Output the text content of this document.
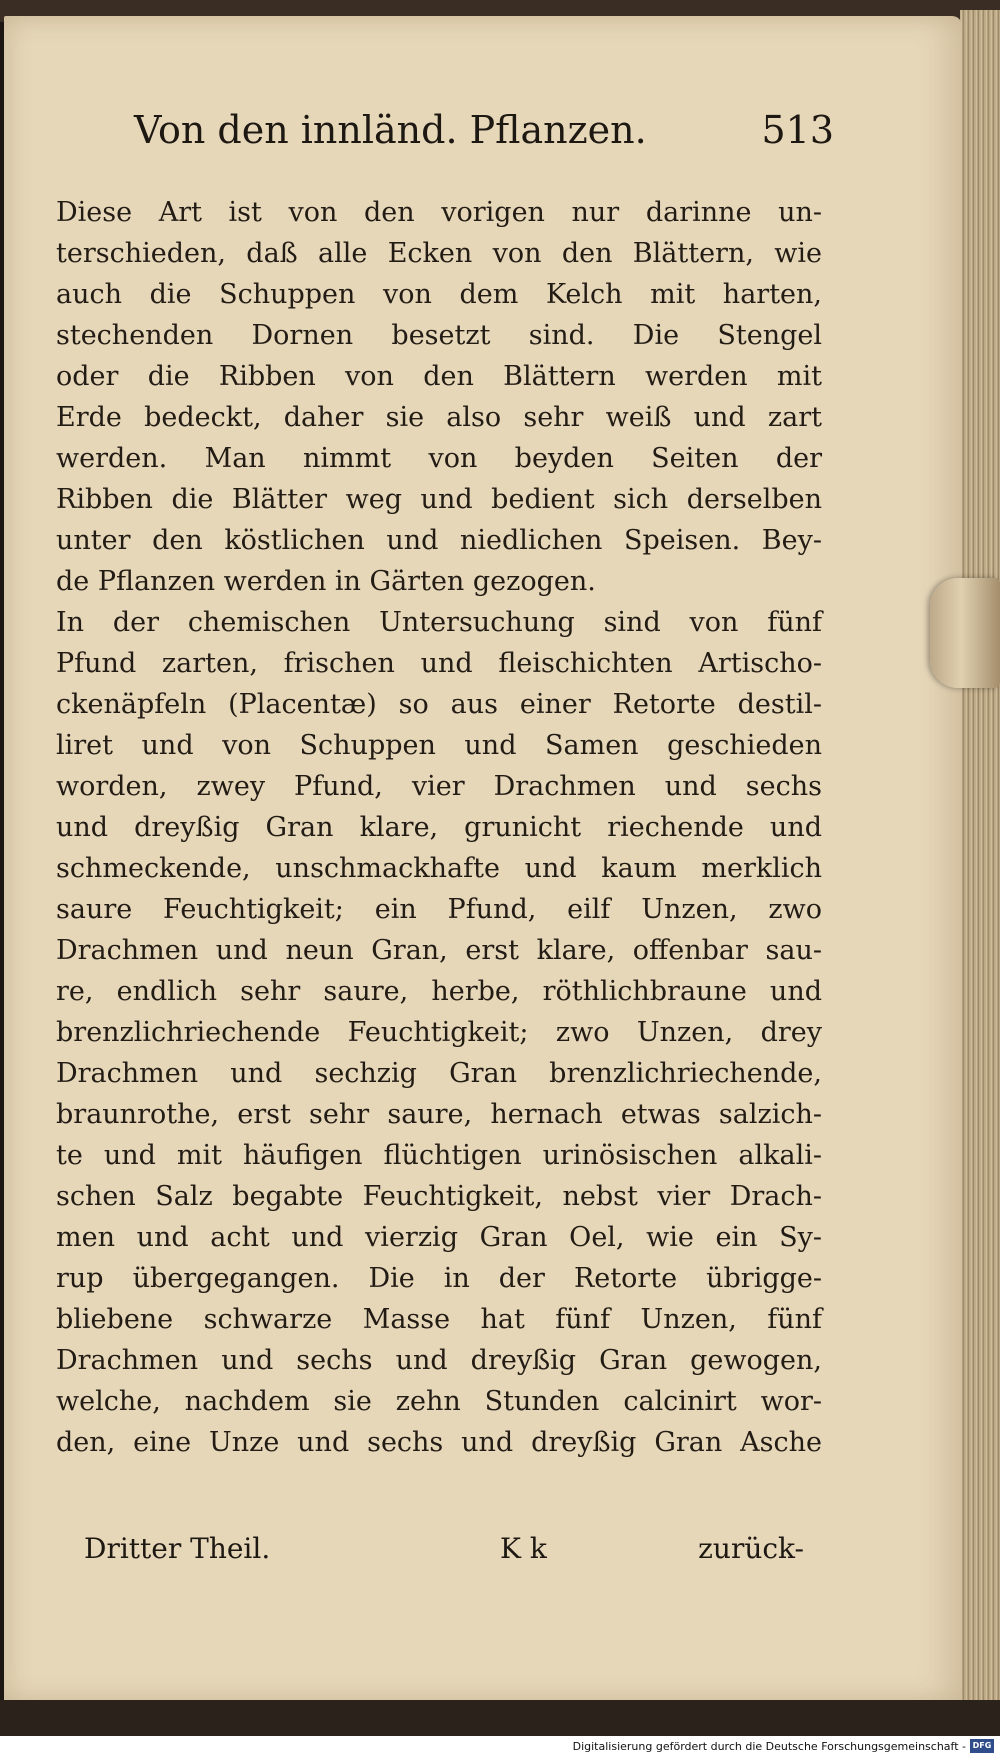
Von den innländ. Pflanzen.	513
Diese Art ist von den vorigen nur darinne un-
terschieden, daß alle Ecken von den Blättern, wie
auch die Schuppen von dem Kelch mit harten,
stechenden Dornen besetzt sind. Die Stengel
oder die Ribben von den Blättern werden mit
Erde bedeckt, daher sie also sehr weiß und zart
werden. Man nimmt von beyden Seiten der
Ribben die Blätter weg und bedient sich derselben
unter den köstlichen und niedlichen Speisen. Bey-
de Pflanzen werden in Gärten gezogen.
In der chemischen Untersuchung sind von fünf
Pfund zarten, frischen und fleischichten Artischo-
ckenäpfeln (Placentæ) so aus einer Retorte destil-
liret und von Schuppen und Samen geschieden
worden, zwey Pfund, vier Drachmen und sechs
und dreyßig Gran klare, grunicht riechende und
schmeckende, unschmackhafte und kaum merklich
saure Feuchtigkeit; ein Pfund, eilf Unzen, zwo
Drachmen und neun Gran, erst klare, offenbar sau-
re, endlich sehr saure, herbe, röthlichbraune und
brenzlichriechende Feuchtigkeit; zwo Unzen, drey
Drachmen und sechzig Gran brenzlichriechende,
braunrothe, erst sehr saure, hernach etwas salzich-
te und mit häufigen flüchtigen urinösischen alkali-
schen Salz begabte Feuchtigkeit, nebst vier Drach-
men und acht und vierzig Gran Oel, wie ein Sy-
rup übergegangen. Die in der Retorte übrigge-
bliebene schwarze Masse hat fünf Unzen, fünf
Drachmen und sechs und dreyßig Gran gewogen,
welche, nachdem sie zehn Stunden calcinirt wor-
den, eine Unze und sechs und dreyßig Gran Asche
Dritter Theil.	K k	zurück-
Digitalisierung gefördert durch die Deutsche Forschungsgemeinschaft - DFG
